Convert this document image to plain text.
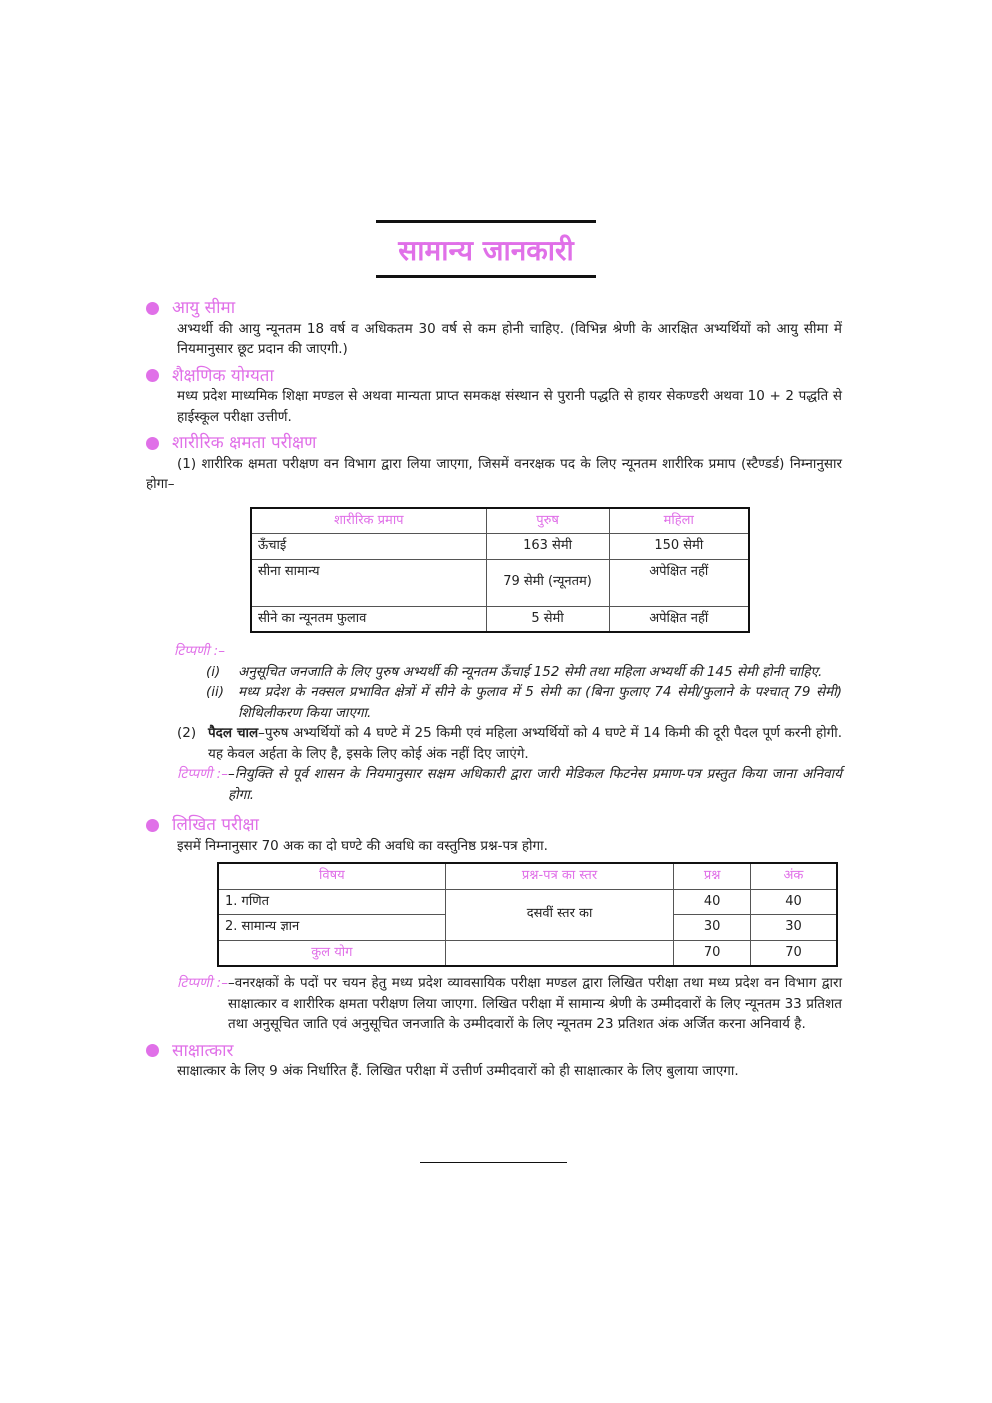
सामान्य जानकारी
आयु सीमा
अभ्यर्थी की आयु न्यूनतम 18 वर्ष व अधिकतम 30 वर्ष से कम होनी चाहिए. (विभिन्न श्रेणी के आरक्षित अभ्यर्थियों को आयु सीमा में नियमानुसार छूट प्रदान की जाएगी.)
शैक्षणिक योग्यता
मध्य प्रदेश माध्यमिक शिक्षा मण्डल से अथवा मान्यता प्राप्त समकक्ष संस्थान से पुरानी पद्धति से हायर सेकण्डरी अथवा 10 + 2 पद्धति से हाईस्कूल परीक्षा उत्तीर्ण.
शारीरिक क्षमता परीक्षण
(1) शारीरिक क्षमता परीक्षण वन विभाग द्वारा लिया जाएगा, जिसमें वनरक्षक पद के लिए न्यूनतम शारीरिक प्रमाप (स्टैण्डर्ड) निम्नानुसार होगा–
शारीरिक प्रमाप	पुरुष	महिला
ऊँचाई	163 सेमी	150 सेमी
सीना सामान्य	79 सेमी (न्यूनतम)	अपेक्षित नहीं
सीने का न्यूनतम फुलाव	5 सेमी	अपेक्षित नहीं
टिप्पणी :–
(i)	अनुसूचित जनजाति के लिए पुरुष अभ्यर्थी की न्यूनतम ऊँचाई 152 सेमी तथा महिला अभ्यर्थी की 145 सेमी होनी चाहिए.
(ii)	मध्य प्रदेश के नक्सल प्रभावित क्षेत्रों में सीने के फुलाव में 5 सेमी का (बिना फुलाए 74 सेमी/फुलाने के पश्चात् 79 सेमी) शिथिलीकरण किया जाएगा.
(2) पैदल चाल–पुरुष अभ्यर्थियों को 4 घण्टे में 25 किमी एवं महिला अभ्यर्थियों को 4 घण्टे में 14 किमी की दूरी पैदल पूर्ण करनी होगी. यह केवल अर्हता के लिए है, इसके लिए कोई अंक नहीं दिए जाएंगे.
टिप्पणी :– –नियुक्ति से पूर्व शासन के नियमानुसार सक्षम अधिकारी द्वारा जारी मेडिकल फिटनेस प्रमाण-पत्र प्रस्तुत किया जाना अनिवार्य होगा.
लिखित परीक्षा
इसमें निम्नानुसार 70 अक का दो घण्टे की अवधि का वस्तुनिष्ठ प्रश्न-पत्र होगा.
विषय	प्रश्न-पत्र का स्तर	प्रश्न	अंक
1. गणित	दसवीं स्तर का	40	40
2. सामान्य ज्ञान		30	30
कुल योग		70	70
टिप्पणी :– –वनरक्षकों के पदों पर चयन हेतु मध्य प्रदेश व्यावसायिक परीक्षा मण्डल द्वारा लिखित परीक्षा तथा मध्य प्रदेश वन विभाग द्वारा साक्षात्कार व शारीरिक क्षमता परीक्षण लिया जाएगा. लिखित परीक्षा में सामान्य श्रेणी के उम्मीदवारों के लिए न्यूनतम 33 प्रतिशत तथा अनुसूचित जाति एवं अनुसूचित जनजाति के उम्मीदवारों के लिए न्यूनतम 23 प्रतिशत अंक अर्जित करना अनिवार्य है.
साक्षात्कार
साक्षात्कार के लिए 9 अंक निर्धारित हैं. लिखित परीक्षा में उत्तीर्ण उम्मीदवारों को ही साक्षात्कार के लिए बुलाया जाएगा.
